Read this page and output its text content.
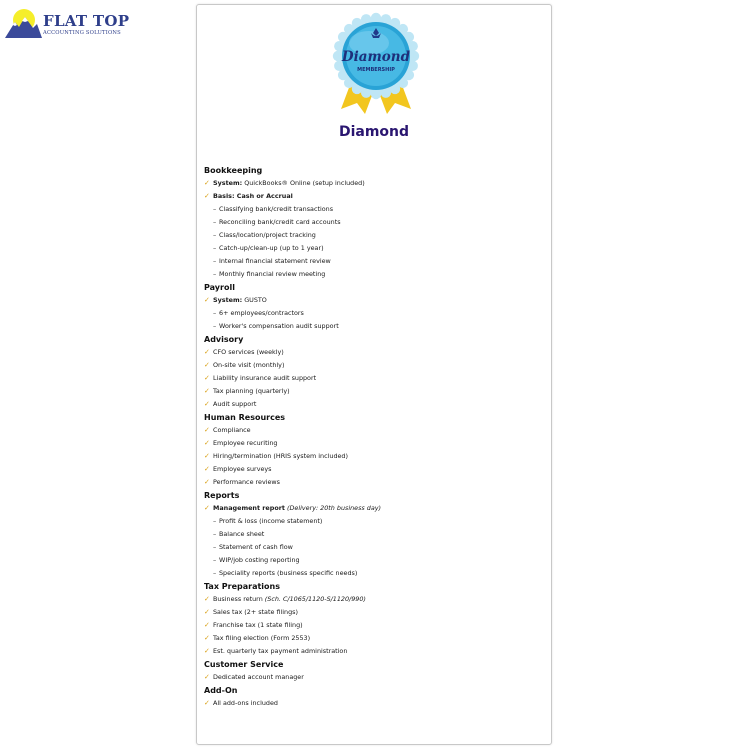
FLAT TOP
ACCOUNTING SOLUTIONS
Diamond
MEMBERSHIP
Diamond
Bookkeeping
✓ System: QuickBooks® Online (setup included)
✓ Basis: Cash or Accrual
– Classifying bank/credit transactions
– Reconciling bank/credit card accounts
– Class/location/project tracking
– Catch-up/clean-up (up to 1 year)
– Internal financial statement review
– Monthly financial review meeting
Payroll
✓ System: GUSTO
– 6+ employees/contractors
– Worker's compensation audit support
Advisory
✓ CFO services (weekly)
✓ On-site visit (monthly)
✓ Liability insurance audit support
✓ Tax planning (quarterly)
✓ Audit support
Human Resources
✓ Compliance
✓ Employee recuriting
✓ Hiring/termination (HRIS system included)
✓ Employee surveys
✓ Performance reviews
Reports
✓ Management report (Delivery: 20th business day)
– Profit & loss (income statement)
– Balance sheet
– Statement of cash flow
– WIP/job costing reporting
– Speciality reports (business specific needs)
Tax Preparations
✓ Business return (Sch. C/1065/1120-S/1120/990)
✓ Sales tax (2+ state filings)
✓ Franchise tax (1 state filing)
✓ Tax filing election (Form 2553)
✓ Est. quarterly tax payment administration
Customer Service
✓ Dedicated account manager
Add-On
✓ All add-ons included
